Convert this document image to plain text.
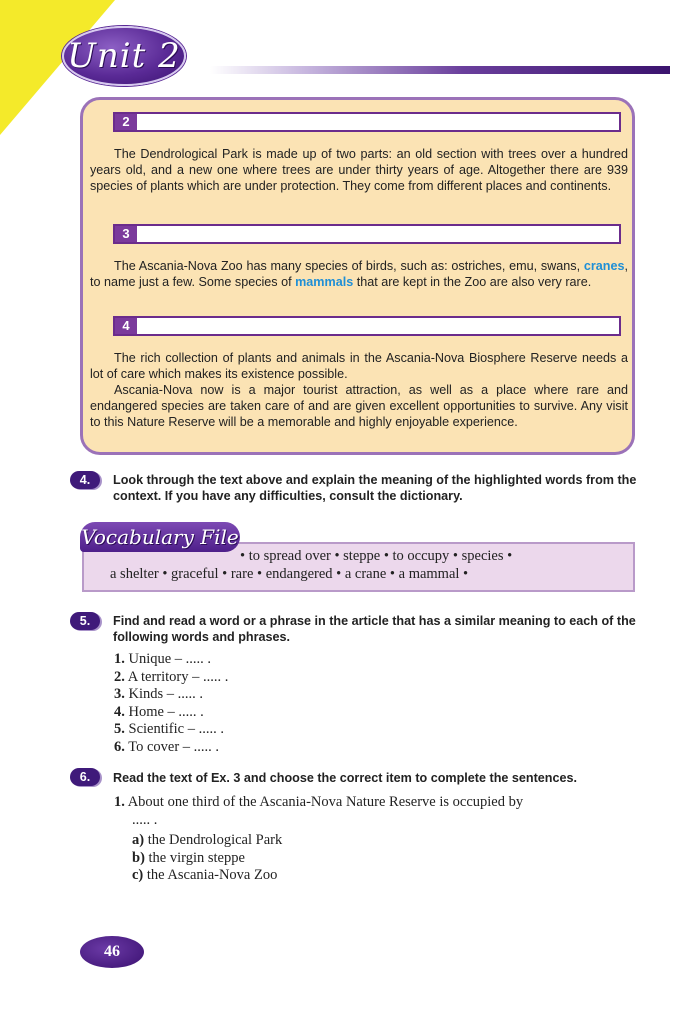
Unit 2
2

The Dendrological Park is made up of two parts: an old section with trees over a hundred years old, and a new one where trees are under thirty years of age. Altogether there are 939 species of plants which are under protection. They come from different places and continents.

3

The Ascania-Nova Zoo has many species of birds, such as: ostriches, emu, swans, cranes, to name just a few. Some species of mammals that are kept in the Zoo are also very rare.

4

The rich collection of plants and animals in the Ascania-Nova Biosphere Reserve needs a lot of care which makes its existence possible.

Ascania-Nova now is a major tourist attraction, as well as a place where rare and endangered species are taken care of and are given excellent opportunities to survive. Any visit to this Nature Reserve will be a memorable and highly enjoyable experience.

4.	Look through the text above and explain the meaning of the highlighted words from the context. If you have any difficulties, consult the dictionary.

Vocabulary File
• to spread over • steppe • to occupy • species •
a shelter • graceful • rare • endangered • a crane • a mammal •
5.	Find and read a word or a phrase in the article that has a similar meaning to each of the following words and phrases.

1. Unique – ..... .
2. A territory – ..... .
3. Kinds – ..... .
4. Home – ..... .
5. Scientific – ..... .
6. To cover – ..... .
6.	Read the text of Ex. 3 and choose the correct item to complete the sentences.

1. About one third of the Ascania-Nova Nature Reserve is occupied by
..... .
a) the Dendrological Park
b) the virgin steppe
c) the Ascania-Nova Zoo
46
